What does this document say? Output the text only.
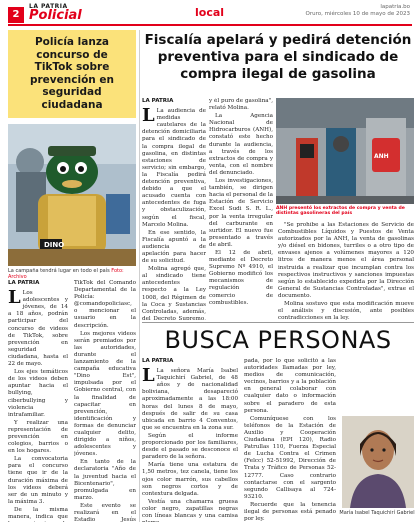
2
LA PATRIA
Policial	local	lapatria.bo
Oruro, miércoles 10 de mayo de 2023
Policía lanza concurso de TikTok sobre prevención en seguridad ciudadana
DINO
La campaña tendrá lugar en todo el país Foto: Archivo
LA PATRIA

L Los adolescentes y jóvenes, de 14 a 18 años, podrán participar del concurso de videos de TikTok, sobre prevención en seguridad ciudadana, hasta el 22 de mayo.

Los ejes temáticos de los videos deben apuntar hacia el bullying, ciberbullying y violencia intrafamiliar.

Y realizar una representación de prevención en colegios, barrios o en los hogares.

La convocatoria para el concurso tiene que ir de la duración máxima de los videos deberá ser de un minuto y la máxima 3.

De la misma manera, indica que

TikTok del Comando Departamental de la Policía: @comandopoliciasc, o mencionar el usuario en la descripción.

Los mejores videos serán premiados por las autoridades, durante el lanzamiento de la campaña educativa "Dino Est", impulsada por el Gobierno central, con la finalidad de capacitar en prevención, identificación y formas de denunciar cualquier delito, dirigido a niños, adolescentes y jóvenes.

En tanto de la declaratoria "Año de la juventud hacia el Bicentenario", promulgada en marzo.

Este evento se realizará en el Estadio Jesús

Fiscalía apelará y pedirá detención preventiva para el sindicado de compra ilegal de gasolina
LA PATRIA

L La audiencia de medidas cautelares de la detención domiciliaria para el sindicado de la compra ilegal de gasolina, en distintas estaciones de servicio; sin embargo, la Fiscalía pedirá detención preventiva, debido a que el acusado cuenta con antecedentes de fuga y obstaculización, según el fiscal, Marcelo Molina.

En ese sentido, la Fiscalía apuntó a la audiencia de apelación para hacer de su solicitud.

Molina agregó que, al sindicado tiene antecedentes respecto a la Ley 1008, del Régimen de la Coca y Sustancias Controladas, además, del Decreto Supremo,

y él puro de gasolina", relató Molina.

La Agencia Nacional de Hidrocarburos (ANH), constató este hecho durante la audiencia, a través de los extractos de compra y venta, con el nombre del denunciado.

Los investigaciones, también, se dirigen hacia el personal de la Estación de Servicio Excel Sudi S. R. L., por la venta irregular del carburante en surtidor. El nuevo fue presentado a través de abril.

El 12 de abril, mediante el Decreto Supremo Nº 4910, el Gobierno modificó los mecanismos de regulación de comercio de combustibles.

ANH
ANH presentó los extractos de compra y venta de distintas gasolineras del país

"Se prohíbe a las Estaciones de Servicio de Combustibles Líquidos y Puestos de Venta autorizados por la ANH, la venta de gasolinas y/o diésel en bidones, turriles o a otro tipo de envases ajenos a volúmenes mayores a 120 litros de manera menos el área personal instruida a realizar que incumplan contra los respectivos instructivos y sanciones impuestas según lo establecido expedida por la Dirección General de Sustancias Controladas", extrae el documento.

Molina sostuvo que esta modificación mueve el análisis y discusión, ante posibles contradicciones en la ley.

BUSCA PERSONAS
LA PATRIA

L La señora María Isabel Taquichirí Gabriel, de 48 años y de nacionalidad boliviana, desapareció aproximadamente a las 18:00 horas del lunes 8 de mayo, después de salir de su casa ubicada en barrio 4 Conventos, que se encuentra en la zona sur.

Según el informe proporcionado por los familiares, desde el pasado se desconoce el paradero de la señora.

María tiene una estatura de 1,50 metros, tez canela, tiene los ojos color marrón, sus cabellos son negros cortos y de contextura delgada.

Vestía una chamarra gruesa color negro, zapatillas negras con líneas blancas y una camisa

pada, por lo que solicitó a las autoridades llamadas por ley, medios de comunicación, vecinos, barrios y a la población en general colaborar con cualquier dato o información sobre el paradero de esta persona.

Comuníquese con los teléfonos de la Estación de Auxilio y Cooperación Ciudadana (EPI 120), Radio Patrullas 110, Fuerza Especial de Lucha Contra el Crimen (Felcc) 52-51992, Dirección de Trata y Tráfico de Personas 52-12777. Caso contrario contactarse con el sargento segundo Callisaya al 724-93210.

Recuerde que la tenencia ilegal de personas está penado por ley.

María Isabel Taquichirí Gabriel
